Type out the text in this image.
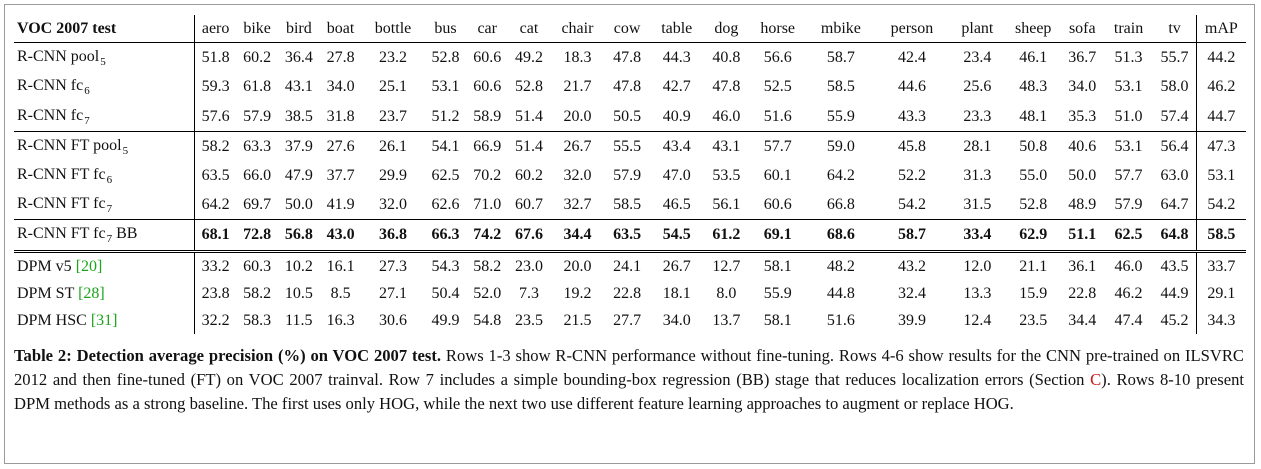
VOC 2007 test	aero	bike	bird	boat	bottle	bus	car	cat	chair	cow	table	dog	horse	mbike	person	plant	sheep	sofa	train	tv	mAP
R-CNN pool$_5$	51.8	60.2	36.4	27.8	23.2	52.8	60.6	49.2	18.3	47.8	44.3	40.8	56.6	58.7	42.4	23.4	46.1	36.7	51.3	55.7	44.2
R-CNN $fc_6$	59.3	61.8	43.1	34.0	25.1	53.1	60.6	52.8	21.7	47.8	42.7	47.8	52.5	58.5	44.6	25.6	48.3	34.0	53.1	58.0	46.2
R-CNN $fc_7$	57.6	57.9	38.5	31.8	23.7	51.2	58.9	51.4	20.0	50.5	40.9	46.0	51.6	55.9	43.3	23.3	48.1	35.3	51.0	57.4	44.7
R-CNN FT pool$_5$	58.2	63.3	37.9	27.6	26.1	54.1	66.9	51.4	26.7	55.5	43.4	43.1	57.7	59.0	45.8	28.1	50.8	40.6	53.1	56.4	47.3
R-CNN FT $fc_6$	63.5	66.0	47.9	37.7	29.9	62.5	70.2	60.2	32.0	57.9	47.0	53.5	60.1	64.2	52.2	31.3	55.0	50.0	57.7	63.0	53.1
R-CNN FT $fc_7$	64.2	69.7	50.0	41.9	32.0	62.6	71.0	60.7	32.7	58.5	46.5	56.1	60.6	66.8	54.2	31.5	52.8	48.9	57.9	64.7	54.2
R-CNN FT $fc_7$ BB	68.1	72.8	56.8	43.0	36.8	66.3	74.2	67.6	34.4	63.5	54.5	61.2	69.1	68.6	58.7	33.4	62.9	51.1	62.5	64.8	58.5
DPM v5 [20]	33.2	60.3	10.2	16.1	27.3	54.3	58.2	23.0	20.0	24.1	26.7	12.7	58.1	48.2	43.2	12.0	21.1	36.1	46.0	43.5	33.7
DPM ST [28]	23.8	58.2	10.5	8.5	27.1	50.4	52.0	7.3	19.2	22.8	18.1	8.0	55.9	44.8	32.4	13.3	15.9	22.8	46.2	44.9	29.1
DPM HSC [31]	32.2	58.3	11.5	16.3	30.6	49.9	54.8	23.5	21.5	27.7	34.0	13.7	58.1	51.6	39.9	12.4	23.5	34.4	47.4	45.2	34.3
Table 2: Detection average precision (%) on VOC 2007 test. Rows 1-3 show R-CNN performance without fine-tuning. Rows 4-6 show results for the CNN pre-trained on ILSVRC 2012 and then fine-tuned (FT) on VOC 2007 trainval. Row 7 includes a simple bounding-box regression (BB) stage that reduces localization errors (Section C). Rows 8-10 present DPM methods as a strong baseline. The first uses only HOG, while the next two use different feature learning approaches to augment or replace HOG.
